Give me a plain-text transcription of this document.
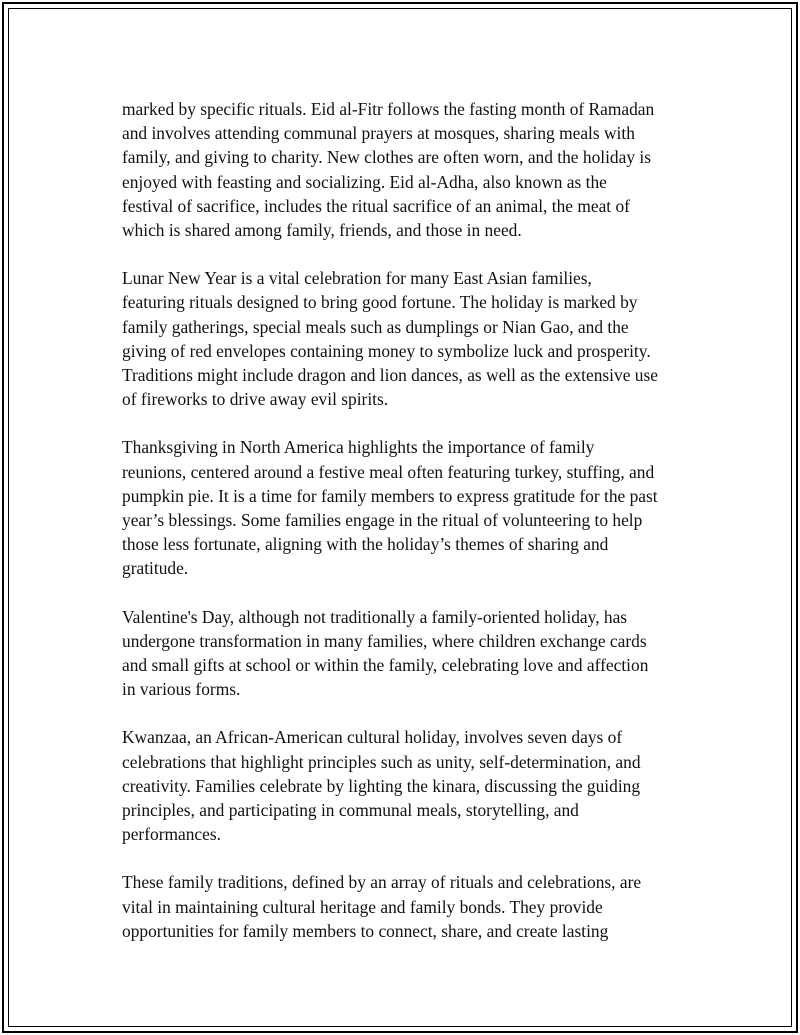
marked by specific rituals. Eid al-Fitr follows the fasting month of Ramadan
and involves attending communal prayers at mosques, sharing meals with
family, and giving to charity. New clothes are often worn, and the holiday is
enjoyed with feasting and socializing. Eid al-Adha, also known as the
festival of sacrifice, includes the ritual sacrifice of an animal, the meat of
which is shared among family, friends, and those in need.

Lunar New Year is a vital celebration for many East Asian families,
featuring rituals designed to bring good fortune. The holiday is marked by
family gatherings, special meals such as dumplings or Nian Gao, and the
giving of red envelopes containing money to symbolize luck and prosperity.
Traditions might include dragon and lion dances, as well as the extensive use
of fireworks to drive away evil spirits.

Thanksgiving in North America highlights the importance of family
reunions, centered around a festive meal often featuring turkey, stuffing, and
pumpkin pie. It is a time for family members to express gratitude for the past
year’s blessings. Some families engage in the ritual of volunteering to help
those less fortunate, aligning with the holiday’s themes of sharing and
gratitude.

Valentine's Day, although not traditionally a family-oriented holiday, has
undergone transformation in many families, where children exchange cards
and small gifts at school or within the family, celebrating love and affection
in various forms.

Kwanzaa, an African-American cultural holiday, involves seven days of
celebrations that highlight principles such as unity, self-determination, and
creativity. Families celebrate by lighting the kinara, discussing the guiding
principles, and participating in communal meals, storytelling, and
performances.

These family traditions, defined by an array of rituals and celebrations, are
vital in maintaining cultural heritage and family bonds. They provide
opportunities for family members to connect, share, and create lasting
